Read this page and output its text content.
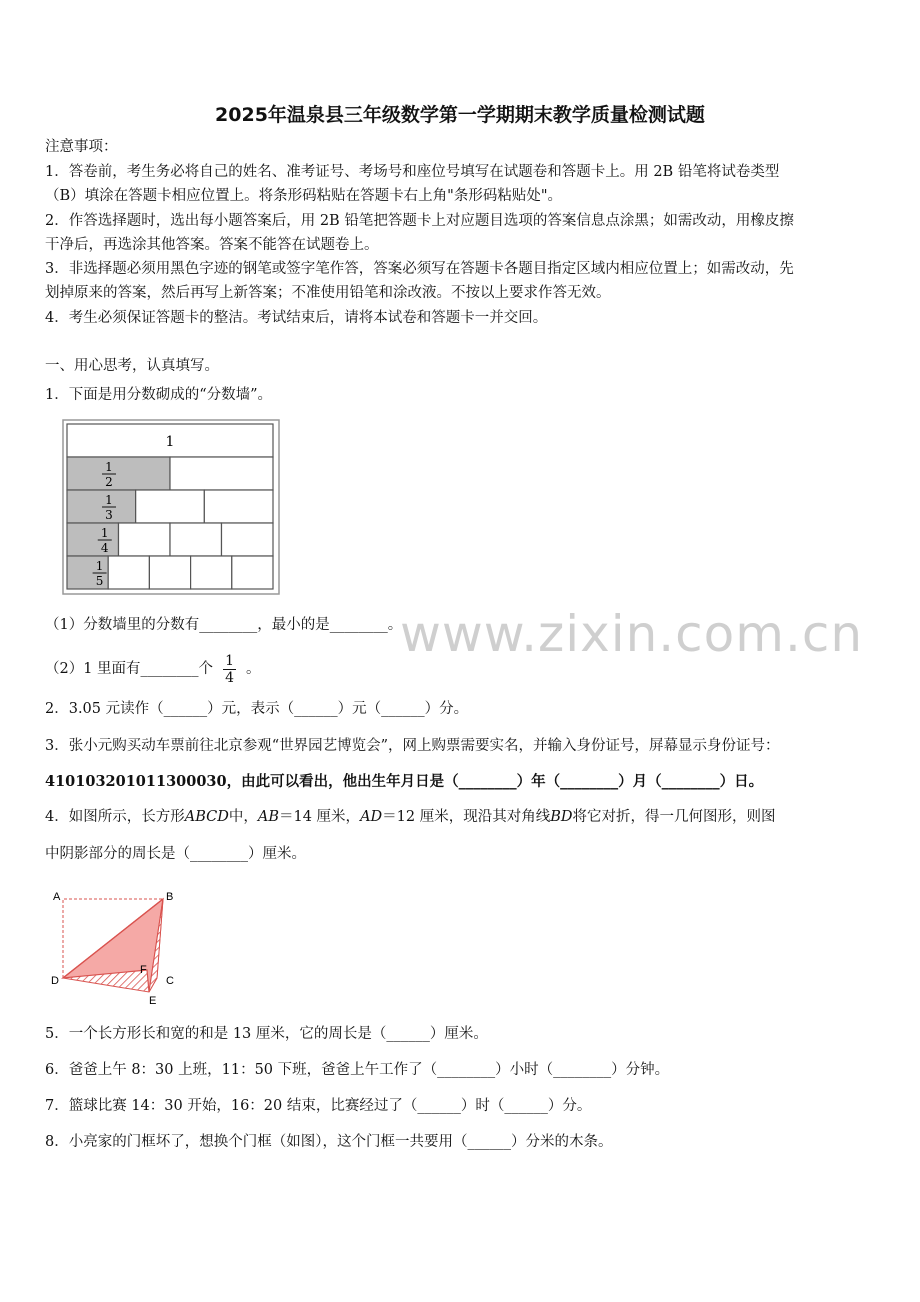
2025年温泉县三年级数学第一学期期末教学质量检测试题
注意事项：
1．答卷前，考生务必将自己的姓名、准考证号、考场号和座位号填写在试题卷和答题卡上。用 2B 铅笔将试卷类型
（B）填涂在答题卡相应位置上。将条形码粘贴在答题卡右上角"条形码粘贴处"。
2．作答选择题时，选出每小题答案后，用 2B 铅笔把答题卡上对应题目选项的答案信息点涂黑；如需改动，用橡皮擦
干净后，再选涂其他答案。答案不能答在试题卷上。
3．非选择题必须用黑色字迹的钢笔或签字笔作答，答案必须写在答题卡各题目指定区域内相应位置上；如需改动，先
划掉原来的答案，然后再写上新答案；不准使用铅笔和涂改液。不按以上要求作答无效。
4．考生必须保证答题卡的整洁。考试结束后，请将本试卷和答题卡一并交回。
一、用心思考，认真填写。
1．下面是用分数砌成的“分数墙”。
1
1
2
1
3
1
4
1
5
（1）分数墙里的分数有________，最小的是________。
（2）1 里面有________个 $\frac{1}{4}$ 。
2．3.05 元读作（______）元，表示（______）元（______）分。
3．张小元购买动车票前往北京参观“世界园艺博览会”，网上购票需要实名，并输入身份证号，屏幕显示身份证号：
410103201011300030，由此可以看出，他出生年月日是（________）年（________）月（________）日。
4．如图所示，长方形ABCD中，AB＝14 厘米，AD＝12 厘米，现沿其对角线BD将它对折，得一几何图形，则图
中阴影部分的周长是（________）厘米。
A	B
C
D
E
F
5．一个长方形长和宽的和是 13 厘米，它的周长是（______）厘米。
6．爸爸上午 8：30 上班，11：50 下班，爸爸上午工作了（________）小时（________）分钟。
7．篮球比赛 14：30 开始，16：20 结束，比赛经过了（______）时（______）分。
8．小亮家的门框坏了，想换个门框（如图），这个门框一共要用（______）分米的木条。
www.zixin.com.cn
